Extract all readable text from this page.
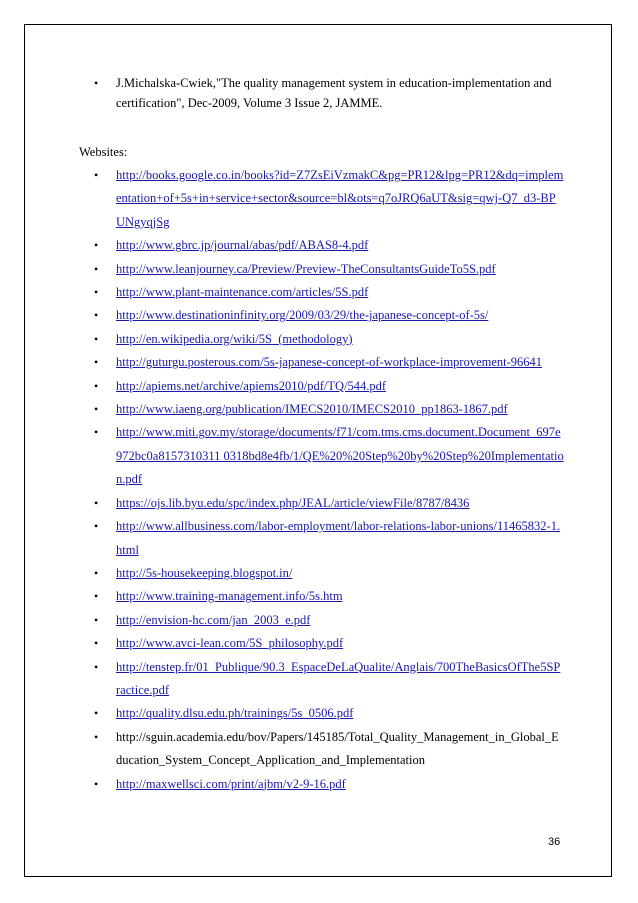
• J.Michalska-Cwiek,"The quality management system in education-implementation and certification", Dec-2009, Volume 3 Issue 2, JAMME.
Websites:
• http://books.google.co.in/books?id=Z7ZsEiVzmakC&pg=PR12&lpg=PR12&dq=implementation+of+5s+in+service+sector&source=bl&ots=q7oJRQ6aUT&sig=qwj-Q7_d3-BPUNgyqjSg
• http://www.gbrc.jp/journal/abas/pdf/ABAS8-4.pdf
• http://www.leanjourney.ca/Preview/Preview-TheConsultantsGuideTo5S.pdf
• http://www.plant-maintenance.com/articles/5S.pdf
• http://www.destinationinfinity.org/2009/03/29/the-japanese-concept-of-5s/
• http://en.wikipedia.org/wiki/5S_(methodology)
• http://guturgu.posterous.com/5s-japanese-concept-of-workplace-improvement-96641
• http://apiems.net/archive/apiems2010/pdf/TQ/544.pdf
• http://www.iaeng.org/publication/IMECS2010/IMECS2010_pp1863-1867.pdf
• http://www.miti.gov.my/storage/documents/f71/com.tms.cms.document.Document_697e972bc0a8157310311 0318bd8e4fb/1/QE%20%20Step%20by%20Step%20Implementation.pdf
• https://ojs.lib.byu.edu/spc/index.php/JEAL/article/viewFile/8787/8436
• http://www.allbusiness.com/labor-employment/labor-relations-labor-unions/11465832-1.html
• http://5s-housekeeping.blogspot.in/
• http://www.training-management.info/5s.htm
• http://envision-hc.com/jan_2003_e.pdf
• http://www.avci-lean.com/5S_philosophy.pdf
• http://tenstep.fr/01_Publique/90.3_EspaceDeLaQualite/Anglais/700TheBasicsOfThe5SPractice.pdf
• http://quality.dlsu.edu.ph/trainings/5s_0506.pdf
• http://sguin.academia.edu/bov/Papers/145185/Total_Quality_Management_in_Global_Education_System_Concept_Application_and_Implementation
• http://maxwellsci.com/print/ajbm/v2-9-16.pdf
36
